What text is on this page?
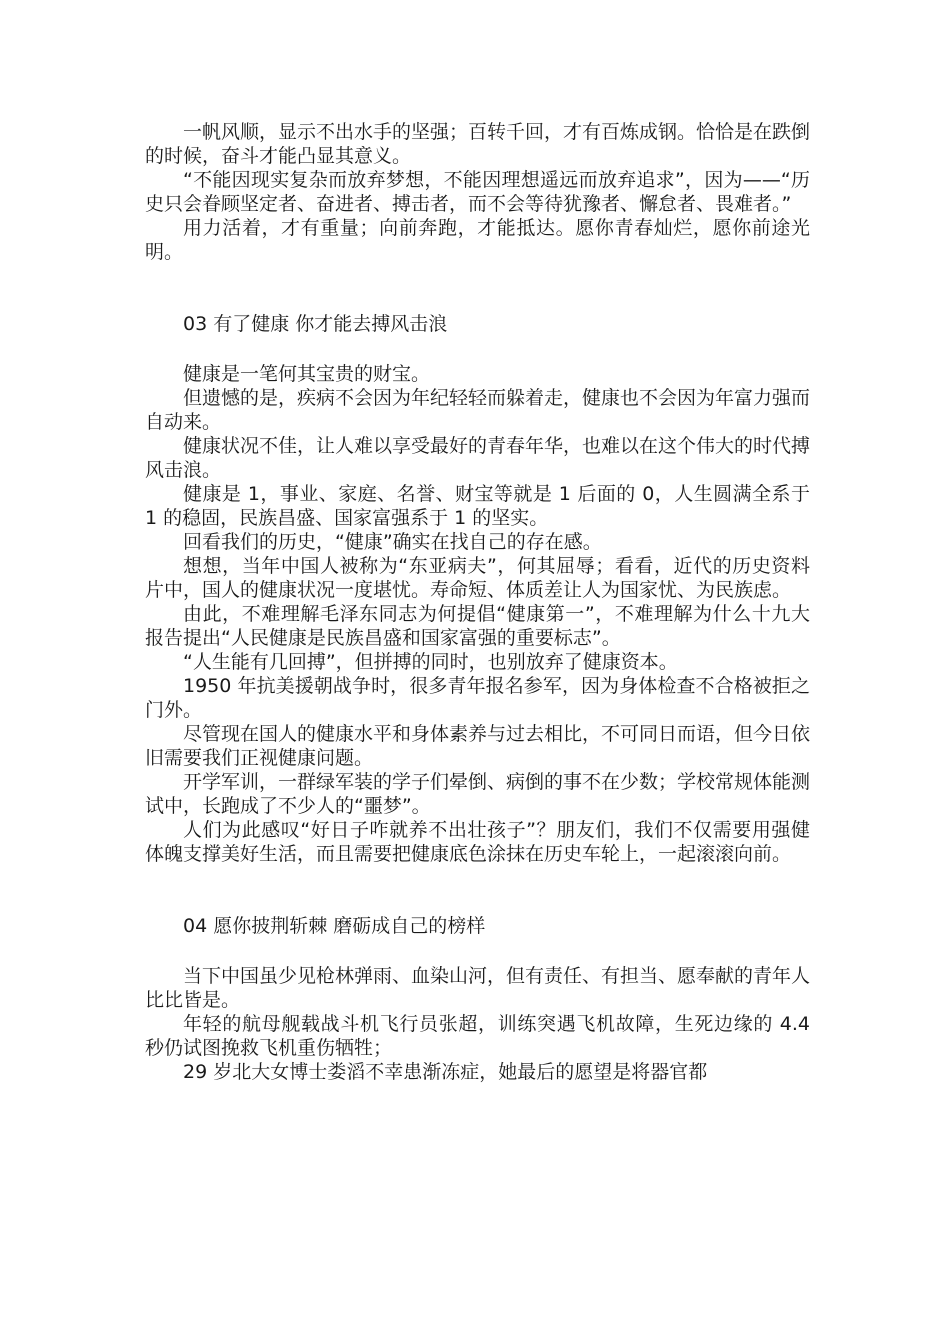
一帆风顺，显示不出水手的坚强；百转千回，才有百炼成钢。恰恰是在跌倒的时候，奋斗才能凸显其意义。

“不能因现实复杂而放弃梦想，不能因理想遥远而放弃追求”，因为——“历史只会眷顾坚定者、奋进者、搏击者，而不会等待犹豫者、懈怠者、畏难者。”

用力活着，才有重量；向前奔跑，才能抵达。愿你青春灿烂，愿你前途光明。

03 有了健康 你才能去搏风击浪

健康是一笔何其宝贵的财宝。

但遗憾的是，疾病不会因为年纪轻轻而躲着走，健康也不会因为年富力强而自动来。

健康状况不佳，让人难以享受最好的青春年华，也难以在这个伟大的时代搏风击浪。

健康是 1，事业、家庭、名誉、财宝等就是 1 后面的 0，人生圆满全系于 1 的稳固，民族昌盛、国家富强系于 1 的坚实。

回看我们的历史，“健康”确实在找自己的存在感。

想想，当年中国人被称为“东亚病夫”，何其屈辱；看看，近代的历史资料片中，国人的健康状况一度堪忧。寿命短、体质差让人为国家忧、为民族虑。

由此，不难理解毛泽东同志为何提倡“健康第一”，不难理解为什么十九大报告提出“人民健康是民族昌盛和国家富强的重要标志”。

“人生能有几回搏”，但拼搏的同时，也别放弃了健康资本。

1950 年抗美援朝战争时，很多青年报名参军，因为身体检查不合格被拒之门外。

尽管现在国人的健康水平和身体素养与过去相比，不可同日而语，但今日依旧需要我们正视健康问题。

开学军训，一群绿军装的学子们晕倒、病倒的事不在少数；学校常规体能测试中，长跑成了不少人的“噩梦”。

人们为此感叹“好日子咋就养不出壮孩子”？朋友们，我们不仅需要用强健体魄支撑美好生活，而且需要把健康底色涂抹在历史车轮上，一起滚滚向前。

04 愿你披荆斩棘 磨砺成自己的榜样

当下中国虽少见枪林弹雨、血染山河，但有责任、有担当、愿奉献的青年人比比皆是。

年轻的航母舰载战斗机飞行员张超，训练突遇飞机故障，生死边缘的 4.4 秒仍试图挽救飞机重伤牺牲；

29 岁北大女博士娄滔不幸患渐冻症，她最后的愿望是将器官都
